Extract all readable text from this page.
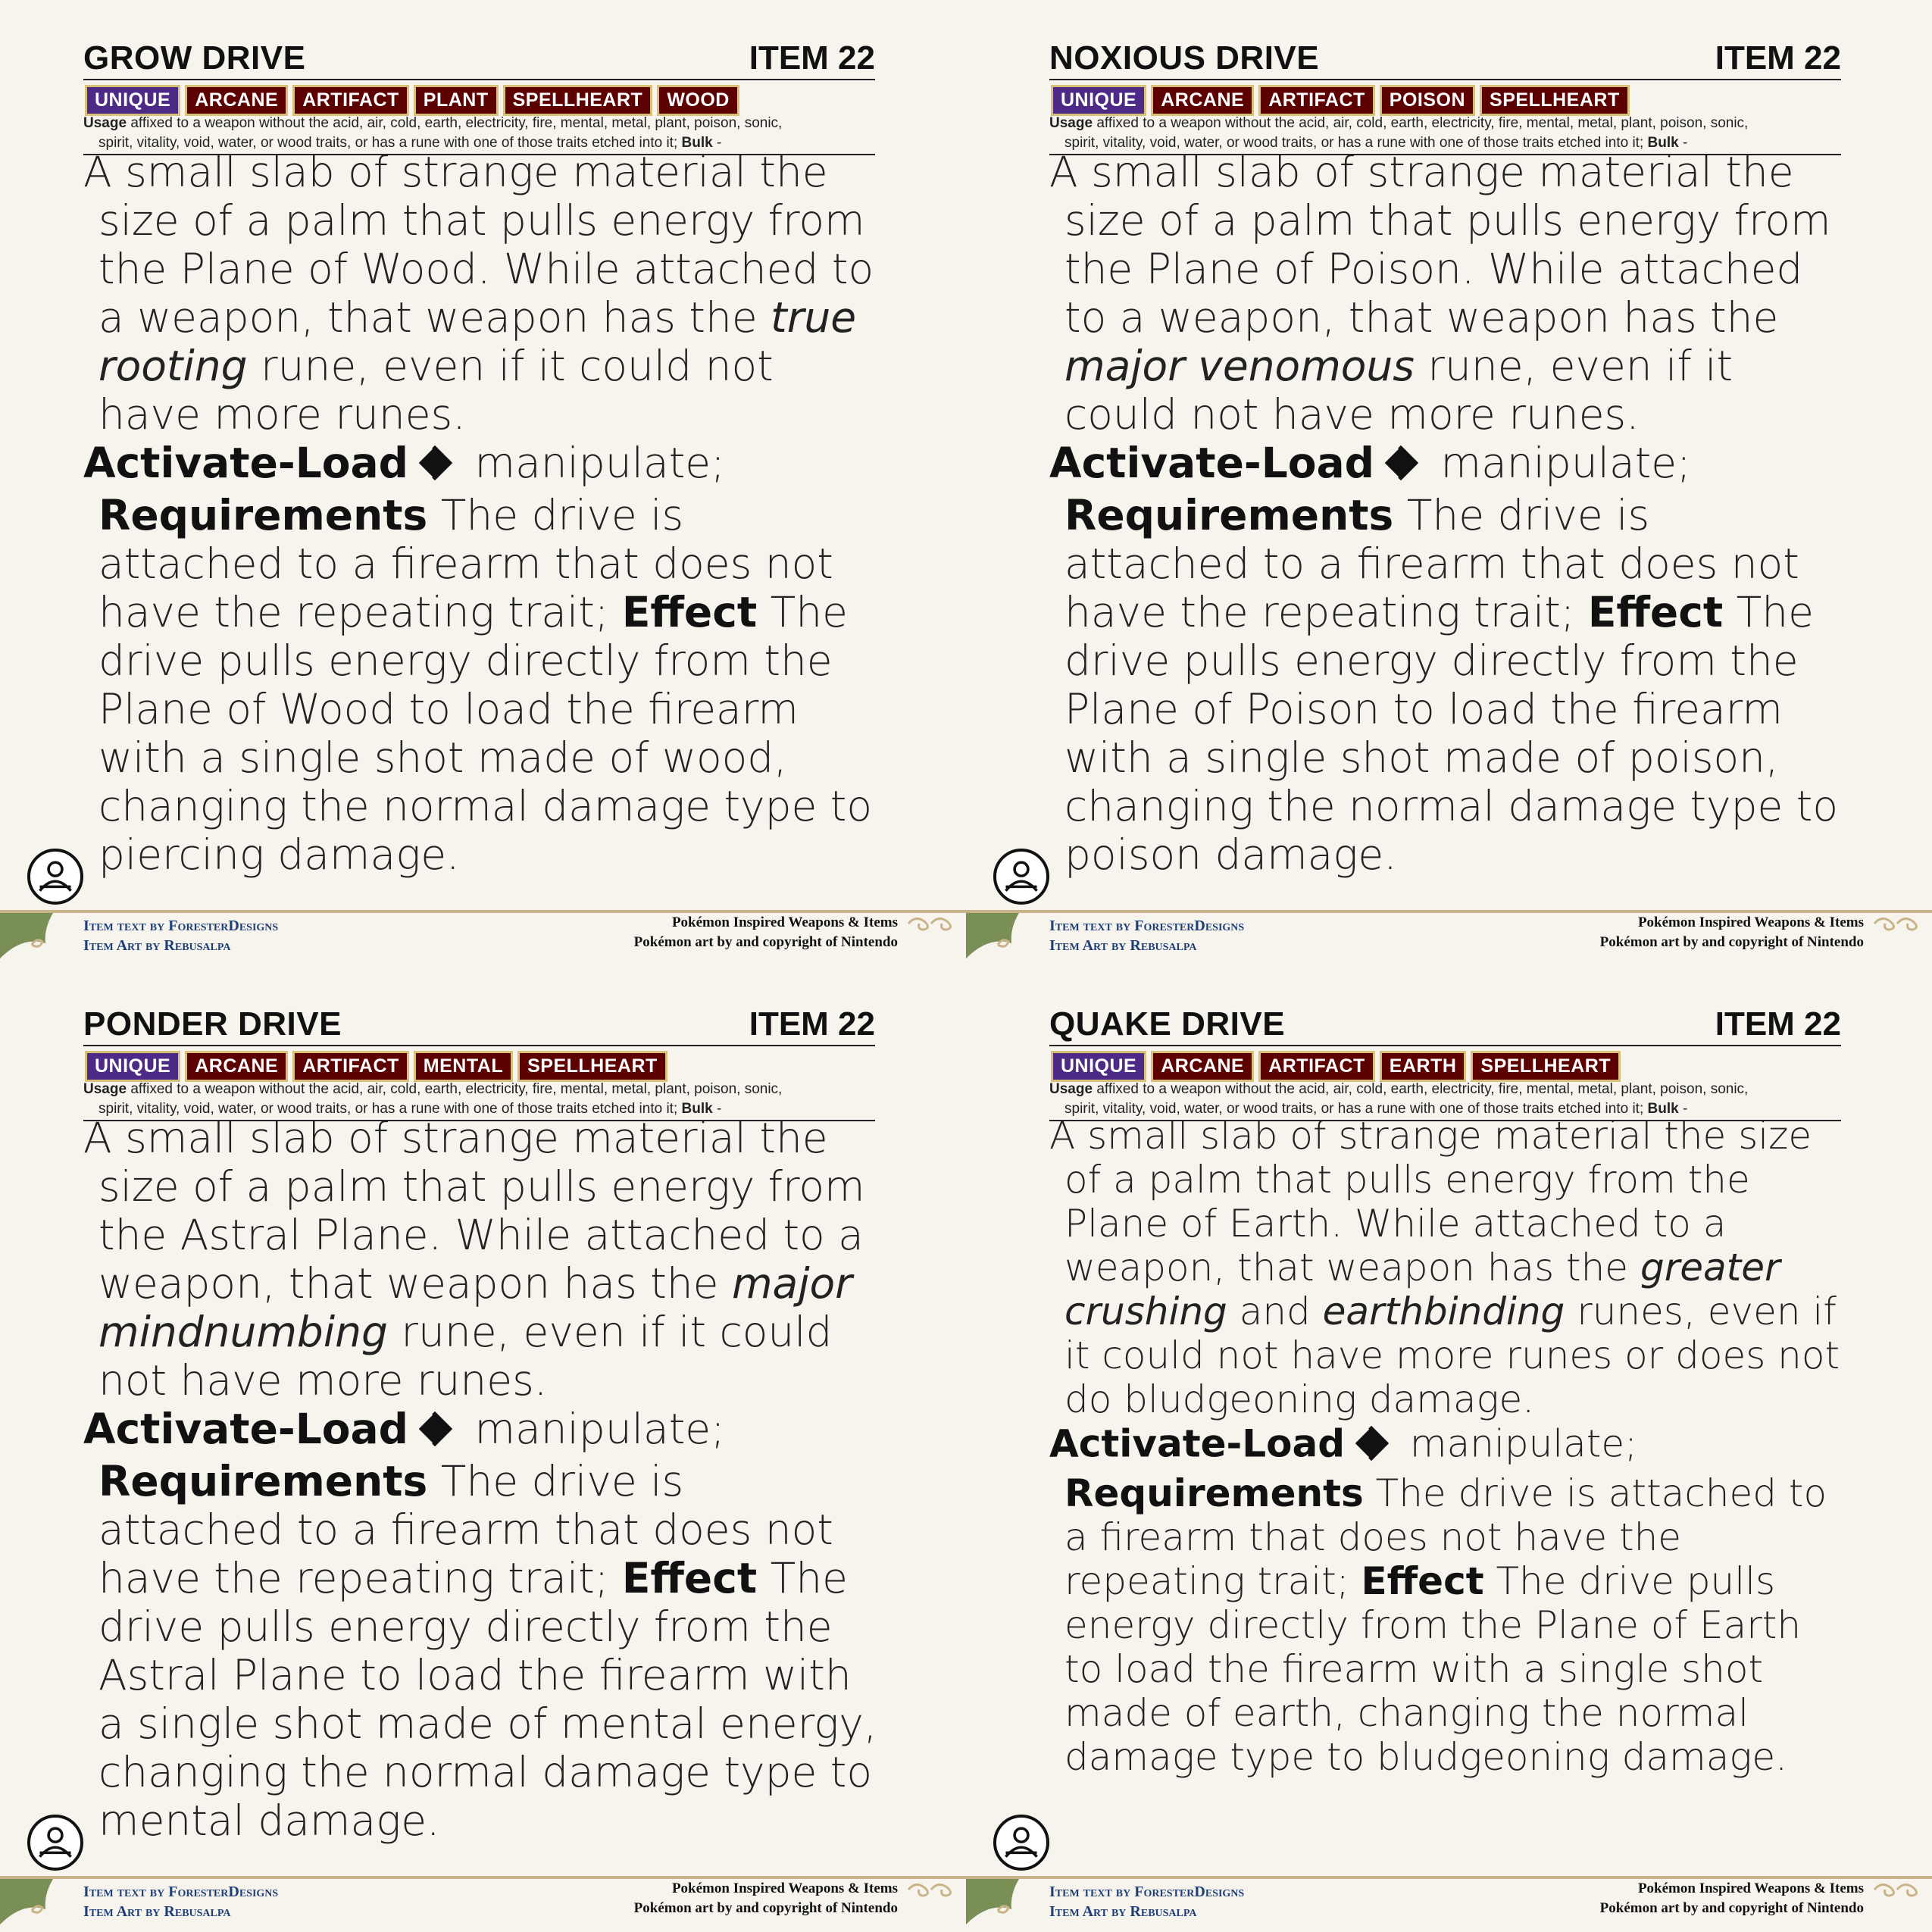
GROW DRIVE	ITEM 22
UNIQUE	ARCANE	ARTIFACT	PLANT	SPELLHEART	WOOD
Usage affixed to a weapon without the acid, air, cold, earth, electricity, fire, mental, metal, plant, poison, sonic,
spirit, vitality, void, water, or wood traits, or has a rune with one of those traits etched into it; Bulk -

A small slab of strange material the size of a palm that pulls energy from the Plane of Wood. While attached to a weapon, that weapon has the true rooting rune, even if it could not have more runes.

Activate-Load manipulate;
Requirements The drive is attached to a firearm that does not have the repeating trait; Effect The drive pulls energy directly from the Plane of Wood to load the firearm with a single shot made of wood, changing the normal damage type to piercing damage.

Item text by ForesterDesigns
Item Art by Rebusalpa
Pokémon Inspired Weapons & Items
Pokémon art by and copyright of Nintendo
NOXIOUS DRIVE	ITEM 22
UNIQUE	ARCANE	ARTIFACT	POISON	SPELLHEART
Usage affixed to a weapon without the acid, air, cold, earth, electricity, fire, mental, metal, plant, poison, sonic,
spirit, vitality, void, water, or wood traits, or has a rune with one of those traits etched into it; Bulk -

A small slab of strange material the size of a palm that pulls energy from the Plane of Poison. While attached to a weapon, that weapon has the major venomous rune, even if it could not have more runes.

Activate-Load manipulate;
Requirements The drive is attached to a firearm that does not have the repeating trait; Effect The drive pulls energy directly from the Plane of Poison to load the firearm with a single shot made of poison, changing the normal damage type to poison damage.

Item text by ForesterDesigns
Item Art by Rebusalpa
Pokémon Inspired Weapons & Items
Pokémon art by and copyright of Nintendo
PONDER DRIVE	ITEM 22
UNIQUE	ARCANE	ARTIFACT	MENTAL	SPELLHEART
Usage affixed to a weapon without the acid, air, cold, earth, electricity, fire, mental, metal, plant, poison, sonic,
spirit, vitality, void, water, or wood traits, or has a rune with one of those traits etched into it; Bulk -

A small slab of strange material the size of a palm that pulls energy from the Astral Plane. While attached to a weapon, that weapon has the major mindnumbing rune, even if it could not have more runes.

Activate-Load manipulate;
Requirements The drive is attached to a firearm that does not have the repeating trait; Effect The drive pulls energy directly from the Astral Plane to load the firearm with a single shot made of mental energy, changing the normal damage type to mental damage.

Item text by ForesterDesigns
Item Art by Rebusalpa
Pokémon Inspired Weapons & Items
Pokémon art by and copyright of Nintendo
QUAKE DRIVE	ITEM 22
UNIQUE	ARCANE	ARTIFACT	EARTH	SPELLHEART
Usage affixed to a weapon without the acid, air, cold, earth, electricity, fire, mental, metal, plant, poison, sonic,
spirit, vitality, void, water, or wood traits, or has a rune with one of those traits etched into it; Bulk -

A small slab of strange material the size of a palm that pulls energy from the Plane of Earth. While attached to a weapon, that weapon has the greater crushing and earthbinding runes, even if it could not have more runes or does not do bludgeoning damage.

Activate-Load manipulate;
Requirements The drive is attached to a firearm that does not have the repeating trait; Effect The drive pulls energy directly from the Plane of Earth to load the firearm with a single shot made of earth, changing the normal damage type to bludgeoning damage.

Item text by ForesterDesigns
Item Art by Rebusalpa
Pokémon Inspired Weapons & Items
Pokémon art by and copyright of Nintendo
